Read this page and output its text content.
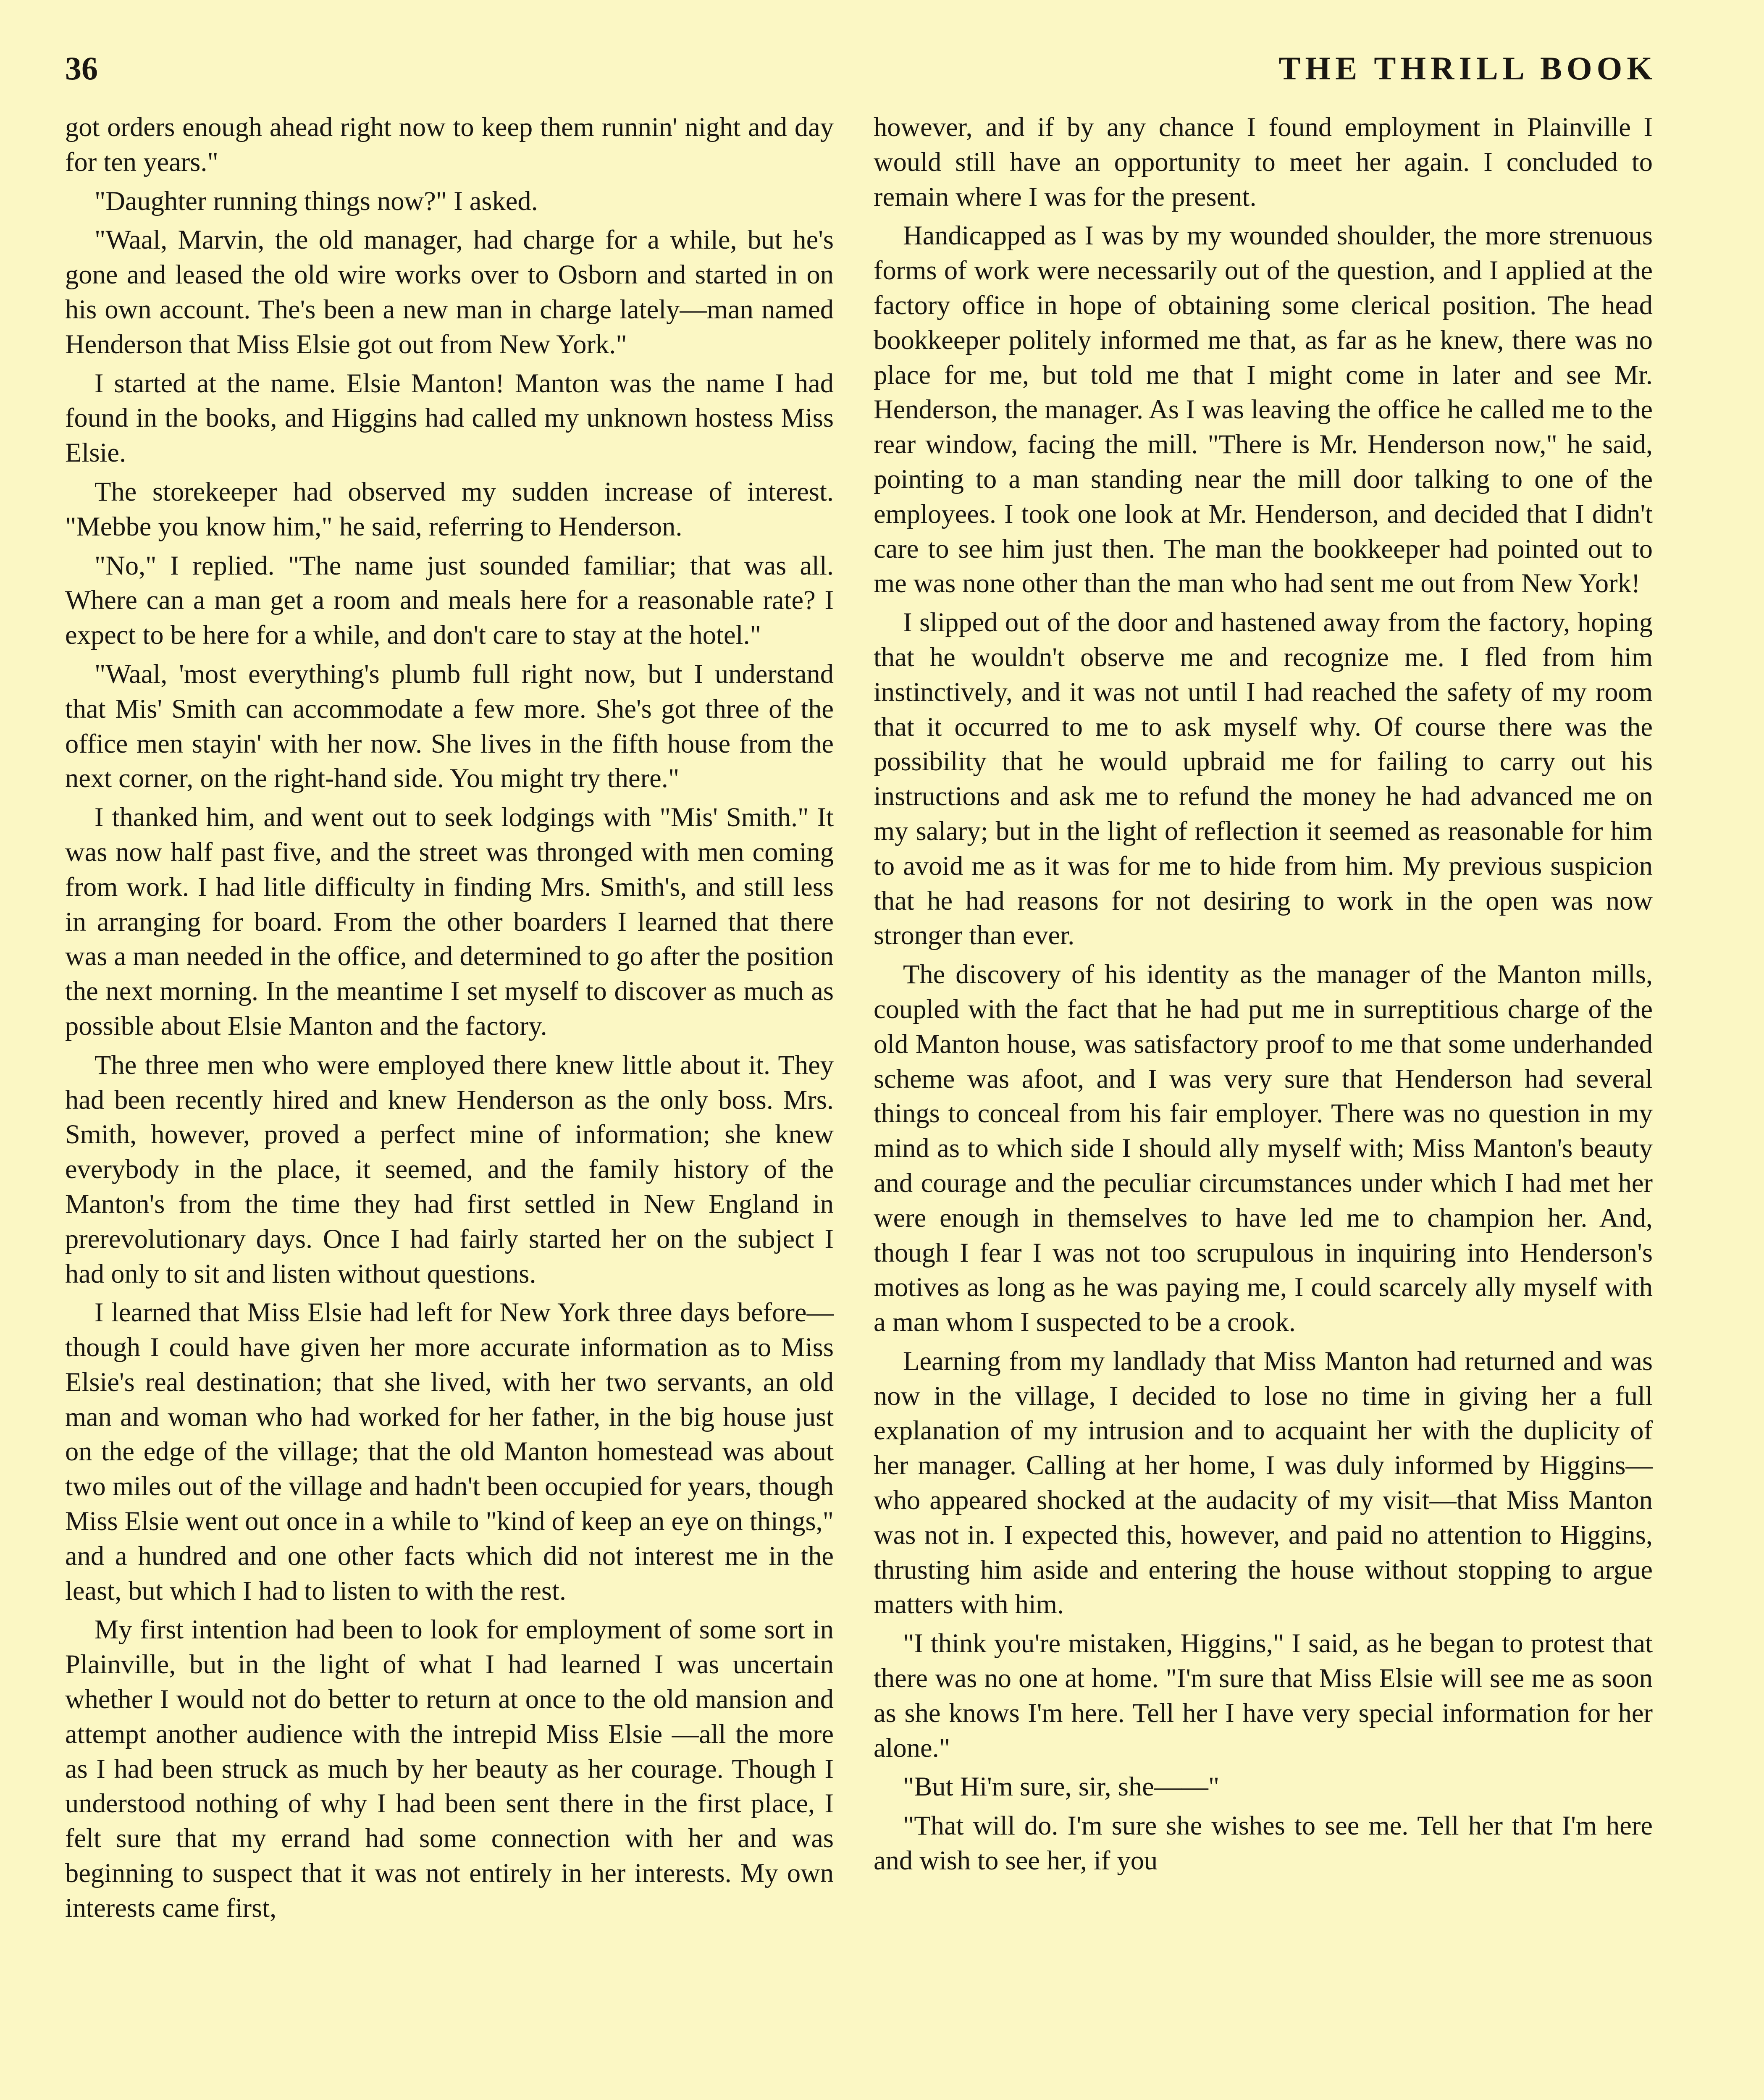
36	THE THRILL BOOK

got orders enough ahead right now to keep them runnin' night and day for ten years."

"Daughter running things now?" I asked.

"Waal, Marvin, the old manager, had charge for a while, but he's gone and leased the old wire works over to Osborn and started in on his own account. The's been a new man in charge lately—man named Henderson that Miss Elsie got out from New York."

I started at the name. Elsie Manton! Manton was the name I had found in the books, and Higgins had called my unknown hostess Miss Elsie.

The storekeeper had observed my sudden increase of interest. "Mebbe you know him," he said, referring to Henderson.

"No," I replied. "The name just sounded familiar; that was all. Where can a man get a room and meals here for a reasonable rate? I expect to be here for a while, and don't care to stay at the hotel."

"Waal, 'most everything's plumb full right now, but I understand that Mis' Smith can accommodate a few more. She's got three of the office men stayin' with her now. She lives in the fifth house from the next corner, on the right-hand side. You might try there."

I thanked him, and went out to seek lodgings with "Mis' Smith." It was now half past five, and the street was thronged with men coming from work. I had litle difficulty in finding Mrs. Smith's, and still less in arranging for board. From the other boarders I learned that there was a man needed in the office, and determined to go after the position the next morning. In the meantime I set myself to discover as much as possible about Elsie Manton and the factory.

The three men who were employed there knew little about it. They had been recently hired and knew Henderson as the only boss. Mrs. Smith, however, proved a perfect mine of information; she knew everybody in the place, it seemed, and the family history of the Manton's from the time they had first settled in New England in prerevolutionary days. Once I had fairly started her on the subject I had only to sit and listen without questions.

I learned that Miss Elsie had left for New York three days before—though I could have given her more accurate information as to Miss Elsie's real destination; that she lived, with her two servants, an old man and woman who had worked for her father, in the big house just on the edge of the village; that the old Manton homestead was about two miles out of the village and hadn't been occupied for years, though Miss Elsie went out once in a while to "kind of keep an eye on things," and a hundred and one other facts which did not interest me in the least, but which I had to listen to with the rest.

My first intention had been to look for employment of some sort in Plainville, but in the light of what I had learned I was uncertain whether I would not do better to return at once to the old mansion and attempt another audience with the intrepid Miss Elsie —all the more as I had been struck as much by her beauty as her courage. Though I understood nothing of why I had been sent there in the first place, I felt sure that my errand had some connection with her and was beginning to suspect that it was not entirely in her interests. My own interests came first,

however, and if by any chance I found employment in Plainville I would still have an opportunity to meet her again. I concluded to remain where I was for the present.

Handicapped as I was by my wounded shoulder, the more strenuous forms of work were necessarily out of the question, and I applied at the factory office in hope of obtaining some clerical position. The head bookkeeper politely informed me that, as far as he knew, there was no place for me, but told me that I might come in later and see Mr. Henderson, the manager. As I was leaving the office he called me to the rear window, facing the mill. "There is Mr. Henderson now," he said, pointing to a man standing near the mill door talking to one of the employees. I took one look at Mr. Henderson, and decided that I didn't care to see him just then. The man the bookkeeper had pointed out to me was none other than the man who had sent me out from New York!

I slipped out of the door and hastened away from the factory, hoping that he wouldn't observe me and recognize me. I fled from him instinctively, and it was not until I had reached the safety of my room that it occurred to me to ask myself why. Of course there was the possibility that he would upbraid me for failing to carry out his instructions and ask me to refund the money he had advanced me on my salary; but in the light of reflection it seemed as reasonable for him to avoid me as it was for me to hide from him. My previous suspicion that he had reasons for not desiring to work in the open was now stronger than ever.

The discovery of his identity as the manager of the Manton mills, coupled with the fact that he had put me in surreptitious charge of the old Manton house, was satisfactory proof to me that some underhanded scheme was afoot, and I was very sure that Henderson had several things to conceal from his fair employer. There was no question in my mind as to which side I should ally myself with; Miss Manton's beauty and courage and the peculiar circumstances under which I had met her were enough in themselves to have led me to champion her. And, though I fear I was not too scrupulous in inquiring into Henderson's motives as long as he was paying me, I could scarcely ally myself with a man whom I suspected to be a crook.

Learning from my landlady that Miss Manton had returned and was now in the village, I decided to lose no time in giving her a full explanation of my intrusion and to acquaint her with the duplicity of her manager. Calling at her home, I was duly informed by Higgins—who appeared shocked at the audacity of my visit—that Miss Manton was not in. I expected this, however, and paid no attention to Higgins, thrusting him aside and entering the house without stopping to argue matters with him.

"I think you're mistaken, Higgins," I said, as he began to protest that there was no one at home. "I'm sure that Miss Elsie will see me as soon as she knows I'm here. Tell her I have very special information for her alone."

"But Hi'm sure, sir, she——"

"That will do. I'm sure she wishes to see me. Tell her that I'm here and wish to see her, if you
